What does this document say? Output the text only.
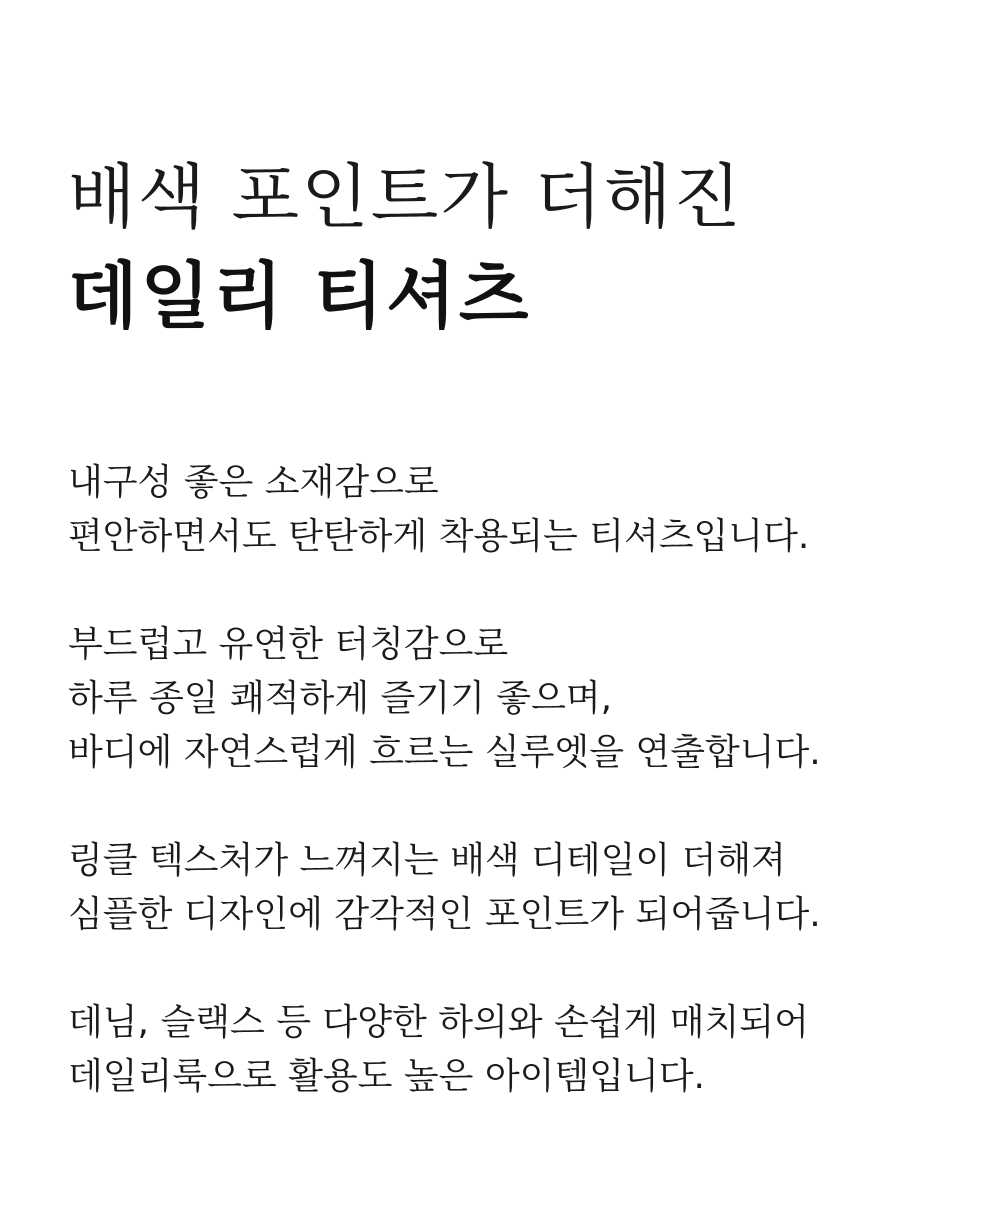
배색 포인트가 더해진
데일리 티셔츠

내구성 좋은 소재감으로
편안하면서도 탄탄하게 착용되는 티셔츠입니다.

부드럽고 유연한 터칭감으로
하루 종일 쾌적하게 즐기기 좋으며,
바디에 자연스럽게 흐르는 실루엣을 연출합니다.

링클 텍스처가 느껴지는 배색 디테일이 더해져
심플한 디자인에 감각적인 포인트가 되어줍니다.

데님, 슬랙스 등 다양한 하의와 손쉽게 매치되어
데일리룩으로 활용도 높은 아이템입니다.
